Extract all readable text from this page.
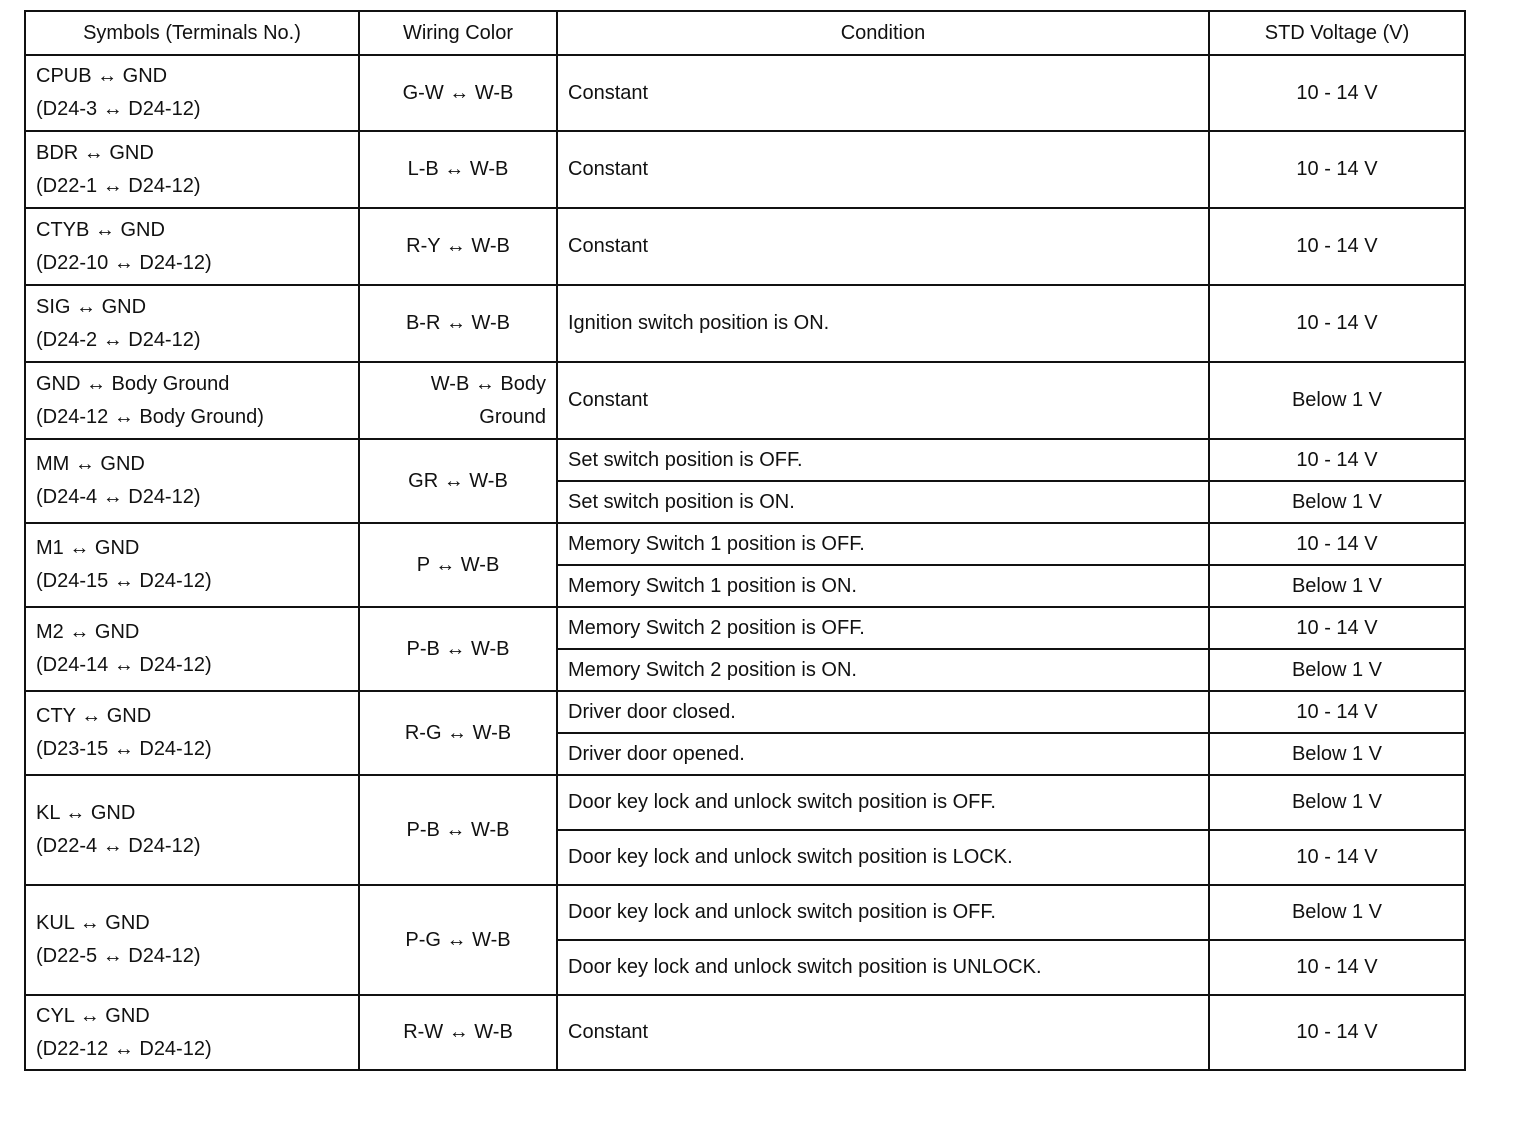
Symbols (Terminals No.)	Wiring Color	Condition	STD Voltage (V)

CPUB ↔ GND
(D24-3 ↔ D24-12)	G-W ↔ W-B	Constant	10 - 14 V

BDR ↔ GND
(D22-1 ↔ D24-12)	L-B ↔ W-B	Constant	10 - 14 V

CTYB ↔ GND
(D22-10 ↔ D24-12)	R-Y ↔ W-B	Constant	10 - 14 V

SIG ↔ GND
(D24-2 ↔ D24-12)	B-R ↔ W-B	Ignition switch position is ON.	10 - 14 V

GND ↔ Body Ground
(D24-12 ↔ Body Ground)	W-B ↔ Body
Ground	Constant	Below 1 V

MM ↔ GND
(D24-4 ↔ D24-12)	GR ↔ W-B	Set switch position is OFF.	10 - 14 V
		Set switch position is ON.	Below 1 V

M1 ↔ GND
(D24-15 ↔ D24-12)	P ↔ W-B	Memory Switch 1 position is OFF.	10 - 14 V
		Memory Switch 1 position is ON.	Below 1 V

M2 ↔ GND
(D24-14 ↔ D24-12)	P-B ↔ W-B	Memory Switch 2 position is OFF.	10 - 14 V
		Memory Switch 2 position is ON.	Below 1 V

CTY ↔ GND
(D23-15 ↔ D24-12)	R-G ↔ W-B	Driver door closed.	10 - 14 V
		Driver door opened.	Below 1 V

KL ↔ GND
(D22-4 ↔ D24-12)	P-B ↔ W-B	Door key lock and unlock switch position is OFF.	Below 1 V
		Door key lock and unlock switch position is LOCK.	10 - 14 V

KUL ↔ GND
(D22-5 ↔ D24-12)	P-G ↔ W-B	Door key lock and unlock switch position is OFF.	Below 1 V
		Door key lock and unlock switch position is UNLOCK.	10 - 14 V

CYL ↔ GND
(D22-12 ↔ D24-12)	R-W ↔ W-B	Constant	10 - 14 V
